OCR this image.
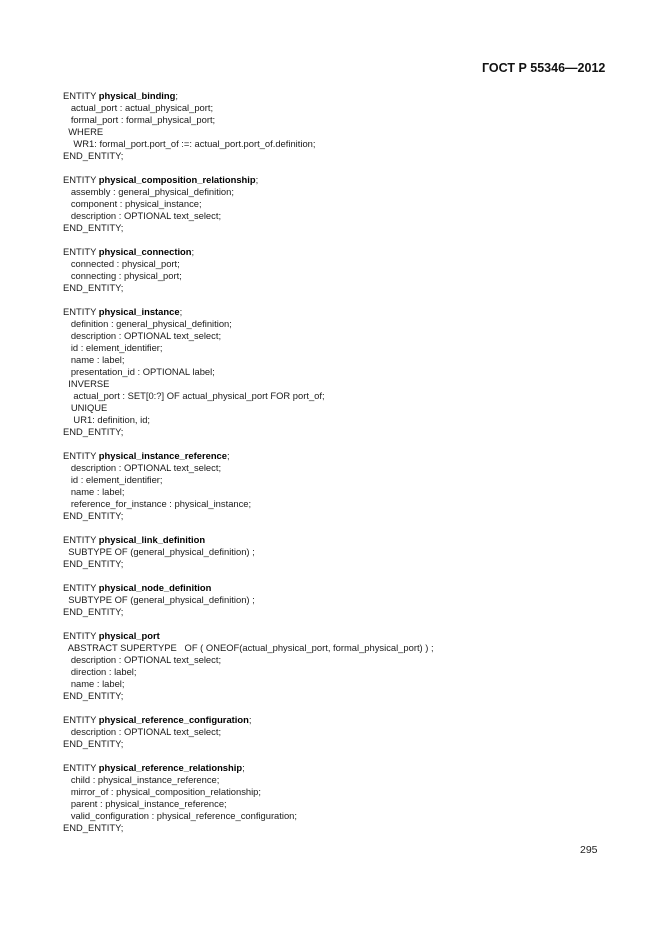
ГОСТ Р 55346—2012
ENTITY physical_binding;
actual_port : actual_physical_port;
formal_port : formal_physical_port;
WHERE
WR1: formal_port.port_of :=: actual_port.port_of.definition;
END_ENTITY;
ENTITY physical_composition_relationship;
assembly : general_physical_definition;
component : physical_instance;
description : OPTIONAL text_select;
END_ENTITY;
ENTITY physical_connection;
connected : physical_port;
connecting : physical_port;
END_ENTITY;
ENTITY physical_instance;
definition : general_physical_definition;
description : OPTIONAL text_select;
id : element_identifier;
name : label;
presentation_id : OPTIONAL label;
INVERSE
actual_port : SET[0:?] OF actual_physical_port FOR port_of;
UNIQUE
UR1: definition, id;
END_ENTITY;
ENTITY physical_instance_reference;
description : OPTIONAL text_select;
id : element_identifier;
name : label;
reference_for_instance : physical_instance;
END_ENTITY;
ENTITY physical_link_definition
SUBTYPE OF (general_physical_definition) ;
END_ENTITY;
ENTITY physical_node_definition
SUBTYPE OF (general_physical_definition) ;
END_ENTITY;
ENTITY physical_port
ABSTRACT SUPERTYPE   OF ( ONEOF(actual_physical_port, formal_physical_port) ) ;
description : OPTIONAL text_select;
direction : label;
name : label;
END_ENTITY;
ENTITY physical_reference_configuration;
description : OPTIONAL text_select;
END_ENTITY;
ENTITY physical_reference_relationship;
child : physical_instance_reference;
mirror_of : physical_composition_relationship;
parent : physical_instance_reference;
valid_configuration : physical_reference_configuration;
END_ENTITY;
295
